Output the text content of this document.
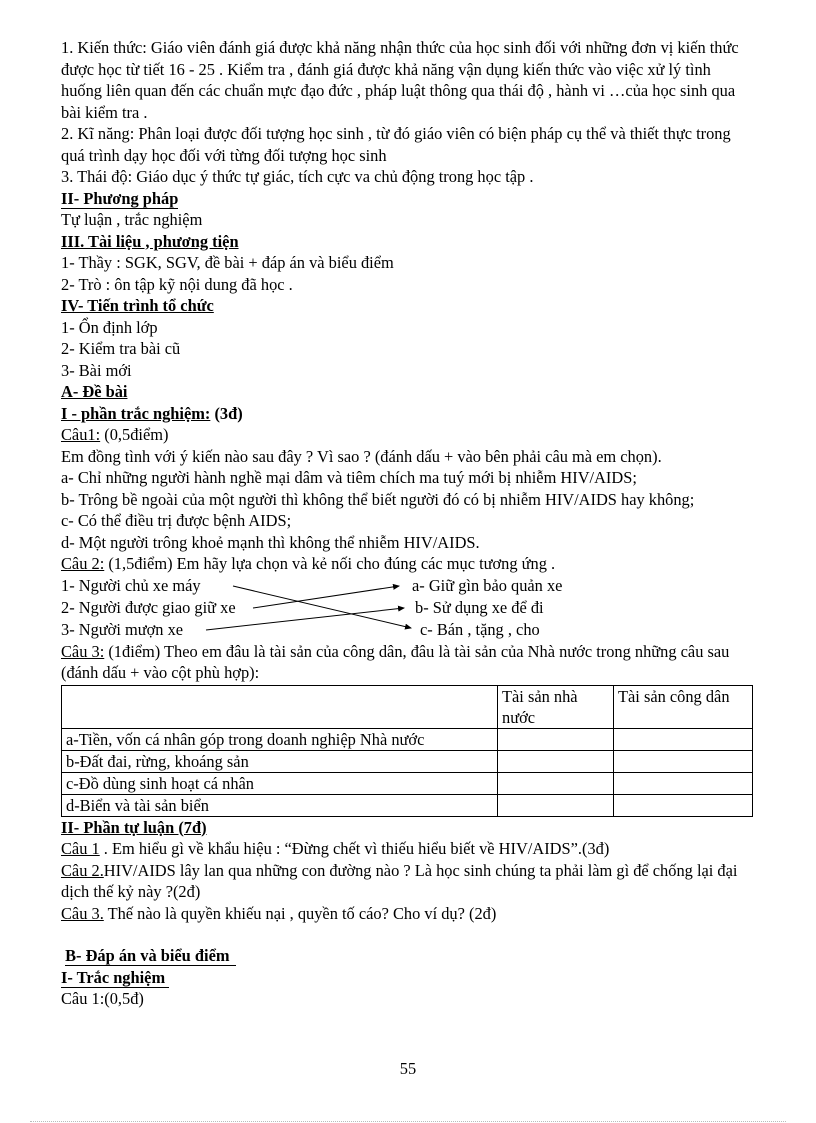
1. Kiến thức: Giáo viên đánh giá được khả năng nhận thức của học sinh đối với những đơn vị kiến thức được học từ tiết 16 - 25 . Kiểm tra , đánh giá được khả năng vận dụng kiến thức vào việc xử lý tình huống liên quan đến các chuẩn mực đạo đức , pháp luật thông qua thái độ , hành vi …của học sinh qua bài kiểm tra .

2. Kĩ năng: Phân loại được đối tượng học sinh , từ đó giáo viên có biện pháp cụ thể và thiết thực trong quá trình dạy học đối với từng đối tượng học sinh

3. Thái độ: Giáo dục ý thức tự giác, tích cực va chủ động trong học tập .

II- Phương pháp

Tự luận , trắc nghiệm

III. Tài liệu , phương tiện

1- Thầy : SGK, SGV, đề bài + đáp án và biểu điểm

2- Trò : ôn tập kỹ nội dung đã học .

IV- Tiến trình tổ chức

1- Ổn định lớp

2- Kiểm tra bài cũ

3- Bài mới

A- Đề bài

I - phần trắc nghiệm: (3đ)

Câu1: (0,5điểm)

Em đồng tình với ý kiến nào sau đây ? Vì sao ? (đánh dấu + vào bên phải câu mà em chọn).

a- Chỉ những người hành nghề mại dâm và tiêm chích ma tuý mới bị nhiễm HIV/AIDS;

b- Trông bề ngoài của một người thì không thể biết người đó có bị nhiễm HIV/AIDS hay không;

c- Có thể điều trị được bệnh AIDS;

d- Một người trông khoẻ mạnh thì không thể nhiễm HIV/AIDS.

Câu 2: (1,5điểm) Em hãy lựa chọn và kẻ nối cho đúng các mục tương ứng .

1- Người chủ xe máy
2- Người được giao giữ xe
3- Người mượn xe
a- Giữ gìn bảo quản xe
b- Sử dụng xe để đi
c- Bán , tặng , cho

Câu 3: (1điểm) Theo em đâu là tài sản của công dân, đâu là tài sản của Nhà nước trong những câu sau (đánh dấu + vào cột phù hợp):

	Tài sản nhà nước	Tài sản công dân
a-Tiền, vốn cá nhân góp trong doanh nghiệp Nhà nước		
b-Đất đai, rừng, khoáng sản		
c-Đồ dùng sinh hoạt cá nhân		
d-Biển và tài sản biển		

II- Phần tự luận (7đ)

Câu 1 . Em hiểu gì về khẩu hiệu : “Đừng chết vì thiếu hiểu biết về HIV/AIDS”.(3đ)

Câu 2.HIV/AIDS lây lan qua những con đường nào ? Là học sinh chúng ta phải làm gì để chống lại đại dịch thế kỷ này ?(2đ)

Câu 3. Thế nào là quyền khiếu nại , quyền tố cáo? Cho ví dụ? (2đ)

B- Đáp án và biểu điểm

I- Trắc nghiệm

Câu 1:(0,5đ)

55
